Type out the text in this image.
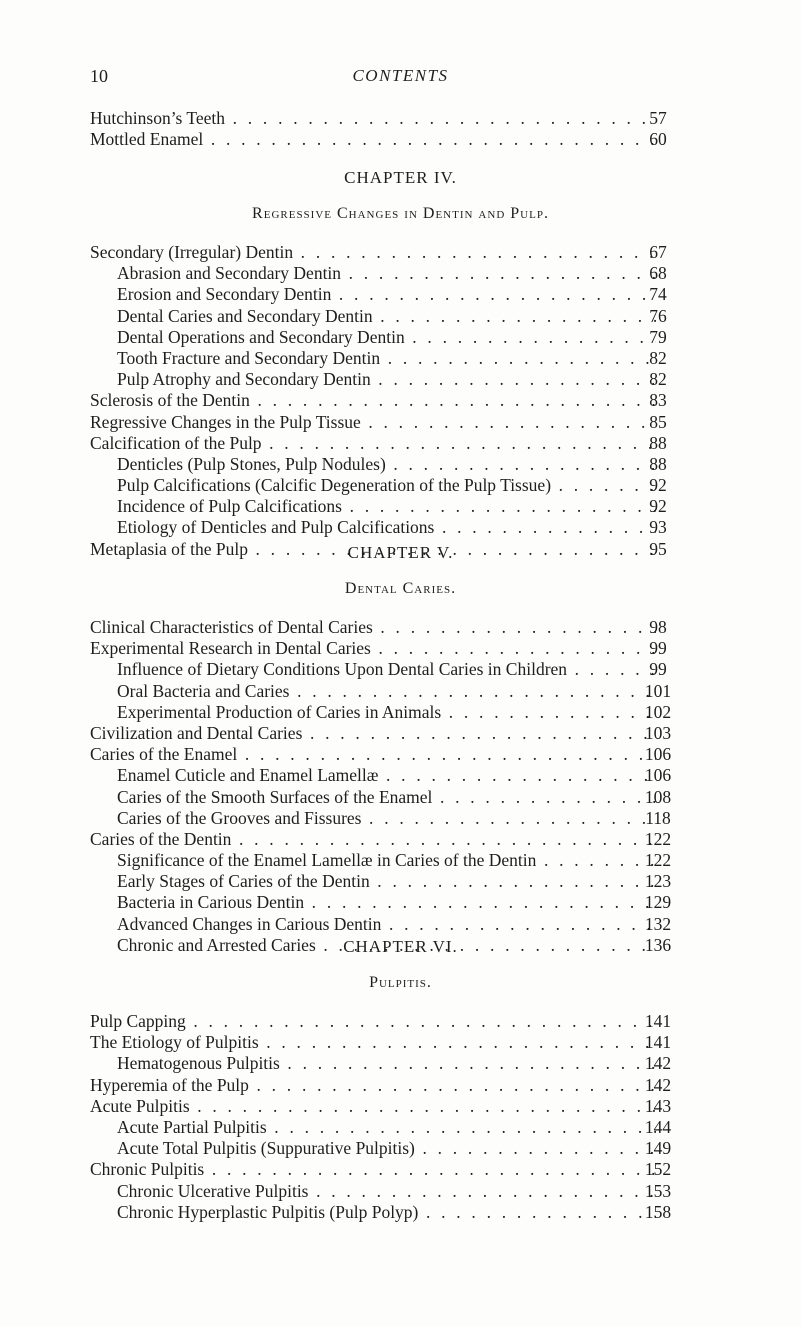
10	CONTENTS
Hutchinson’s Teeth . . .	57
Mottled Enamel . . .	60
CHAPTER IV.
Regressive Changes in Dentin and Pulp.
Secondary (Irregular) Dentin . . .	67
Abrasion and Secondary Dentin . . .	68
Erosion and Secondary Dentin . . .	74
Dental Caries and Secondary Dentin . . .	76
Dental Operations and Secondary Dentin . . .	79
Tooth Fracture and Secondary Dentin . . .	82
Pulp Atrophy and Secondary Dentin . . .	82
Sclerosis of the Dentin . . .	83
Regressive Changes in the Pulp Tissue . . .	85
Calcification of the Pulp . . .	88
Denticles (Pulp Stones, Pulp Nodules) . . .	88
Pulp Calcifications (Calcific Degeneration of the Pulp Tissue) . . .	92
Incidence of Pulp Calcifications . . .	92
Etiology of Denticles and Pulp Calcifications . . .	93
Metaplasia of the Pulp . . .	95
CHAPTER V.
Dental Caries.
Clinical Characteristics of Dental Caries . . .	98
Experimental Research in Dental Caries . . .	99
Influence of Dietary Conditions Upon Dental Caries in Children . . .	99
Oral Bacteria and Caries . . .	101
Experimental Production of Caries in Animals . . .	102
Civilization and Dental Caries . . .	103
Caries of the Enamel . . .	106
Enamel Cuticle and Enamel Lamellæ . . .	106
Caries of the Smooth Surfaces of the Enamel . . .	108
Caries of the Grooves and Fissures . . .	118
Caries of the Dentin . . .	122
Significance of the Enamel Lamellæ in Caries of the Dentin . . .	122
Early Stages of Caries of the Dentin . . .	123
Bacteria in Carious Dentin . . .	129
Advanced Changes in Carious Dentin . . .	132
Chronic and Arrested Caries . . .	136
CHAPTER VI.
Pulpitis.
Pulp Capping . . .	141
The Etiology of Pulpitis . . .	141
Hematogenous Pulpitis . . .	142
Hyperemia of the Pulp . . .	142
Acute Pulpitis . . .	143
Acute Partial Pulpitis . . .	144
Acute Total Pulpitis (Suppurative Pulpitis) . . .	149
Chronic Pulpitis . . .	152
Chronic Ulcerative Pulpitis . . .	153
Chronic Hyperplastic Pulpitis (Pulp Polyp) . . .	158
